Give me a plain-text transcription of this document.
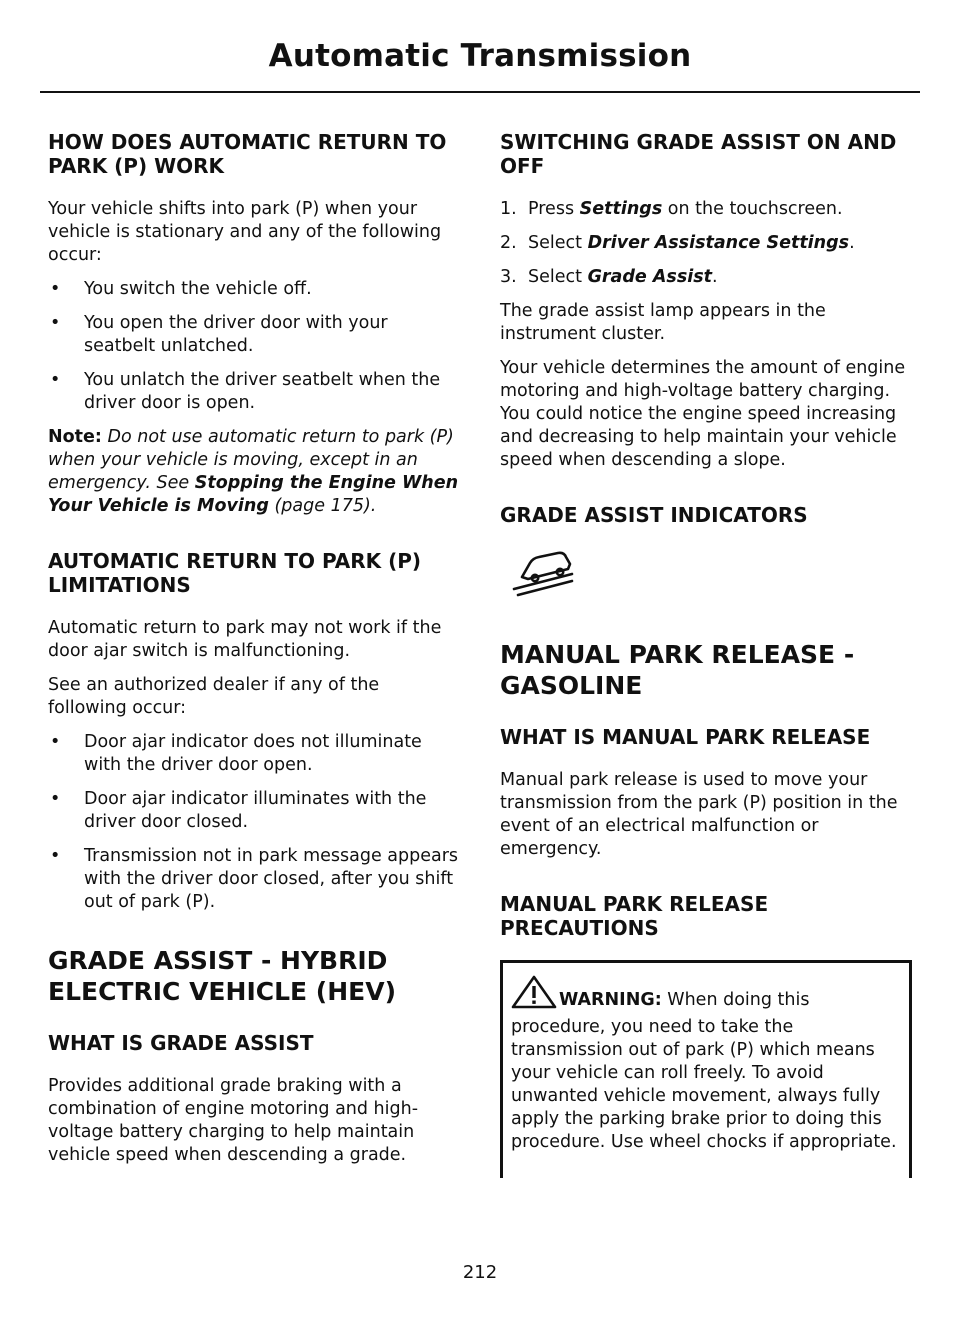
Automatic Transmission
HOW DOES AUTOMATIC RETURN TO PARK (P) WORK

Your vehicle shifts into park (P) when your vehicle is stationary and any of the following occur:

• You switch the vehicle off.
• You open the driver door with your seatbelt unlatched.
• You unlatch the driver seatbelt when the driver door is open.

Note: Do not use automatic return to park (P) when your vehicle is moving, except in an emergency. See Stopping the Engine When Your Vehicle is Moving (page 175).

AUTOMATIC RETURN TO PARK (P) LIMITATIONS

Automatic return to park may not work if the door ajar switch is malfunctioning.

See an authorized dealer if any of the following occur:

• Door ajar indicator does not illuminate with the driver door open.
• Door ajar indicator illuminates with the driver door closed.
• Transmission not in park message appears with the driver door closed, after you shift out of park (P).
GRADE ASSIST - HYBRID ELECTRIC VEHICLE (HEV)
WHAT IS GRADE ASSIST

Provides additional grade braking with a combination of engine motoring and high-voltage battery charging to help maintain vehicle speed when descending a grade.

SWITCHING GRADE ASSIST ON AND OFF
1. Press Settings on the touchscreen.
2. Select Driver Assistance Settings.
3. Select Grade Assist.

The grade assist lamp appears in the instrument cluster.

Your vehicle determines the amount of engine motoring and high-voltage battery charging. You could notice the engine speed increasing and decreasing to help maintain your vehicle speed when descending a slope.

GRADE ASSIST INDICATORS
MANUAL PARK RELEASE - GASOLINE
WHAT IS MANUAL PARK RELEASE

Manual park release is used to move your transmission from the park (P) position in the event of an electrical malfunction or emergency.

MANUAL PARK RELEASE PRECAUTIONS

WARNING: When doing this procedure, you need to take the transmission out of park (P) which means your vehicle can roll freely. To avoid unwanted vehicle movement, always fully apply the parking brake prior to doing this procedure. Use wheel chocks if appropriate.

212
